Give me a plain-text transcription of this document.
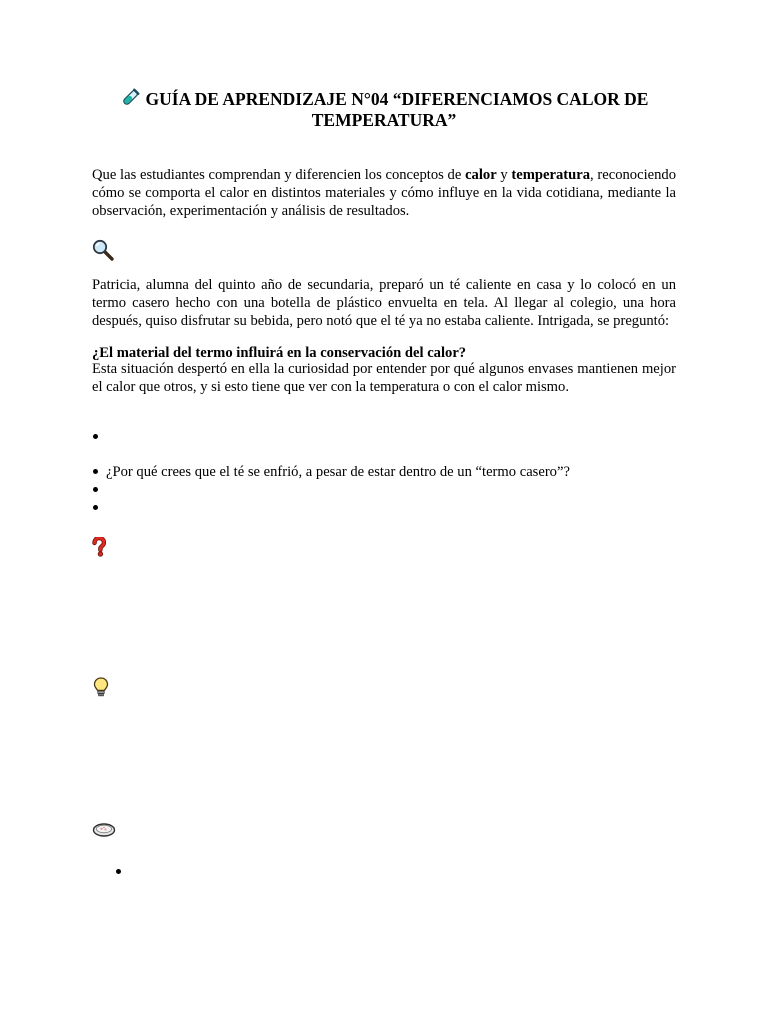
GUÍA DE APRENDIZAJE N°04 “DIFERENCIAMOS CALOR DE
TEMPERATURA”

Que las estudiantes comprendan y diferencien los conceptos de calor y temperatura, reconociendo cómo se comporta el calor en distintos materiales y cómo influye en la vida cotidiana, mediante la observación, experimentación y análisis de resultados.

Patricia, alumna del quinto año de secundaria, preparó un té caliente en casa y lo colocó en un termo casero hecho con una botella de plástico envuelta en tela. Al llegar al colegio, una hora después, quiso disfrutar su bebida, pero notó que el té ya no estaba caliente. Intrigada, se preguntó:

¿El material del termo influirá en la conservación del calor?

Esta situación despertó en ella la curiosidad por entender por qué algunos envases mantienen mejor el calor que otros, y si esto tiene que ver con la temperatura o con el calor mismo.

¿Por qué crees que el té se enfrió, a pesar de estar dentro de un “termo casero”?
